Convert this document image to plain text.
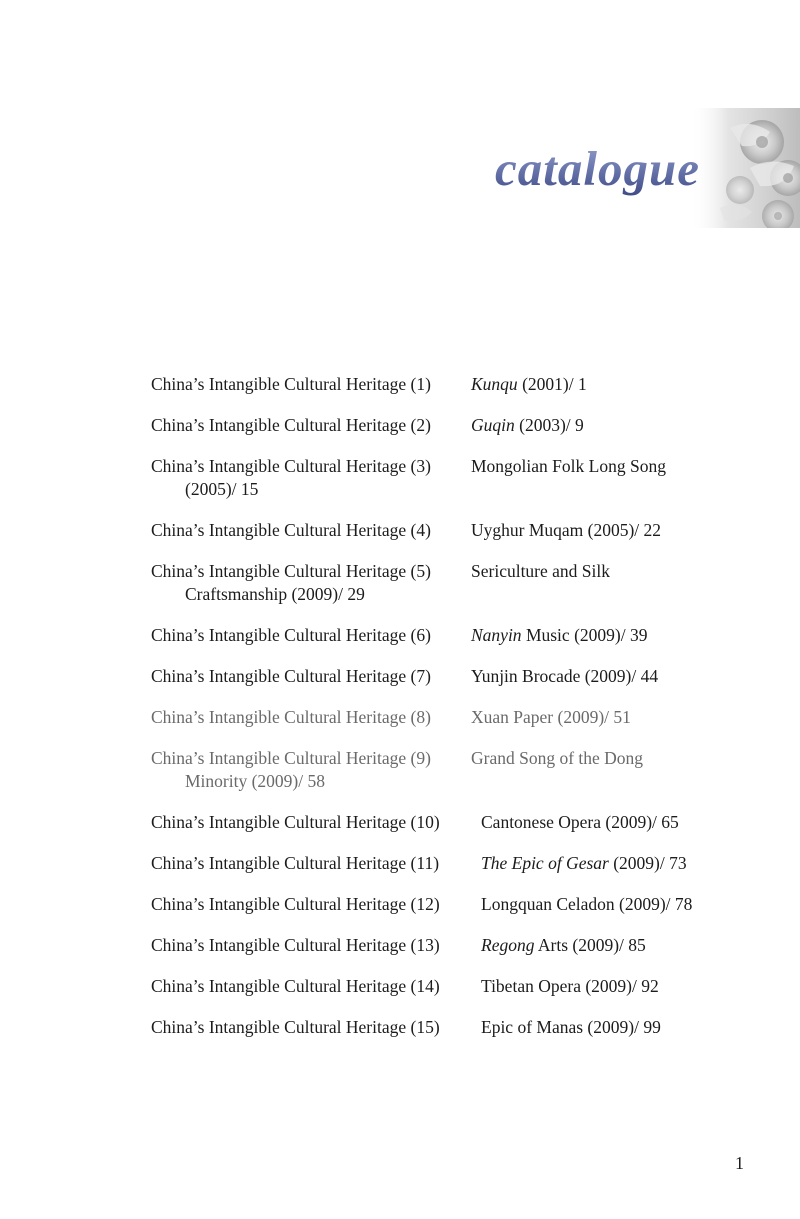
catalogue
China’s Intangible Cultural Heritage (1)	Kunqu (2001)/ 1
China’s Intangible Cultural Heritage (2)	Guqin (2003)/ 9
China’s Intangible Cultural Heritage (3)	Mongolian Folk Long Song
(2005)/ 15
China’s Intangible Cultural Heritage (4)	Uyghur Muqam (2005)/ 22
China’s Intangible Cultural Heritage (5)	Sericulture and Silk
Craftsmanship (2009)/ 29
China’s Intangible Cultural Heritage (6)	Nanyin Music (2009)/ 39
China’s Intangible Cultural Heritage (7)	Yunjin Brocade (2009)/ 44
China’s Intangible Cultural Heritage (8)	Xuan Paper (2009)/ 51
China’s Intangible Cultural Heritage (9)	Grand Song of the Dong
Minority (2009)/ 58
China’s Intangible Cultural Heritage (10)	Cantonese Opera (2009)/ 65
China’s Intangible Cultural Heritage (11)	The Epic of Gesar (2009)/ 73
China’s Intangible Cultural Heritage (12)	Longquan Celadon (2009)/ 78
China’s Intangible Cultural Heritage (13)	Regong Arts (2009)/ 85
China’s Intangible Cultural Heritage (14)	Tibetan Opera (2009)/ 92
China’s Intangible Cultural Heritage (15)	Epic of Manas (2009)/ 99
1
